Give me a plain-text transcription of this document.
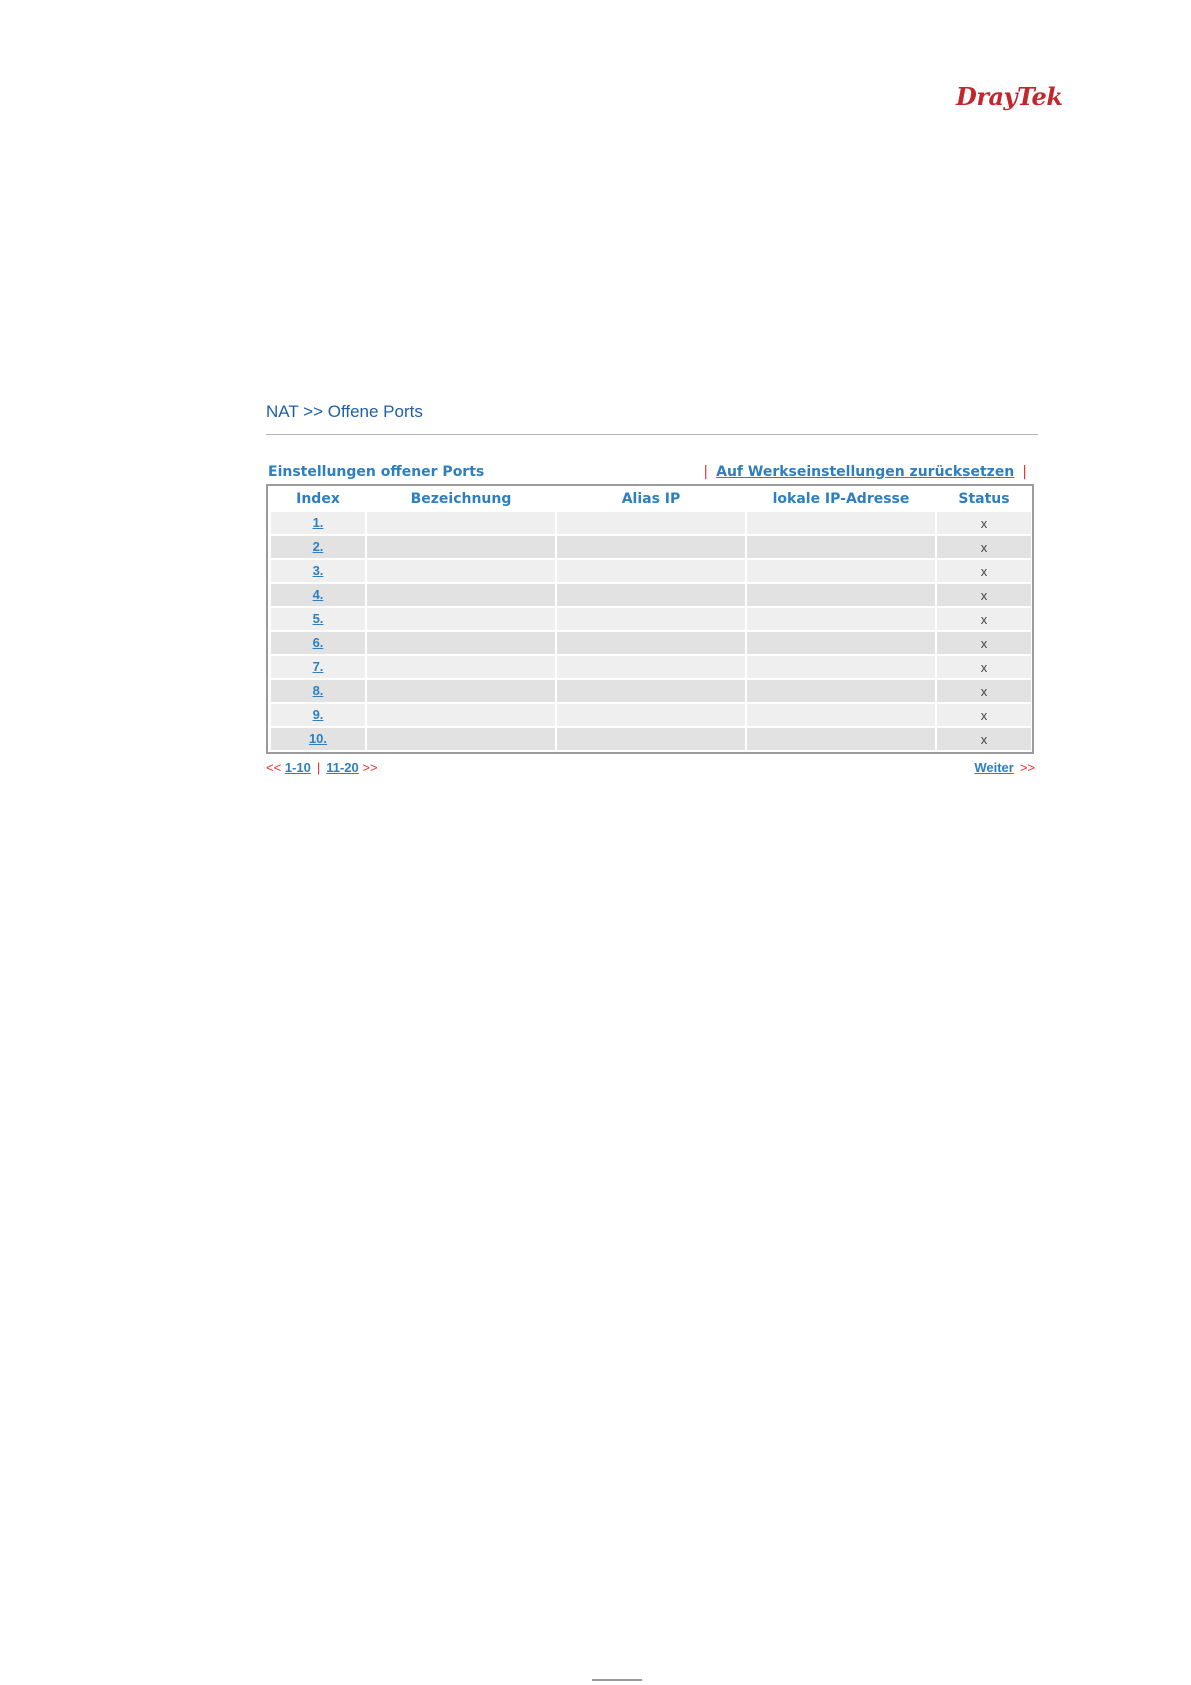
DrayTek
NAT >> Offene Ports
Einstellungen offener Ports	| Auf Werkseinstellungen zurücksetzen |
Index	Bezeichnung	Alias IP	lokale IP-Adresse	Status
1.				x
2.				x
3.				x
4.				x
5.				x
6.				x
7.				x
8.				x
9.				x
10.				x
<< 1-10 | 11-20 >>	Weiter >>
